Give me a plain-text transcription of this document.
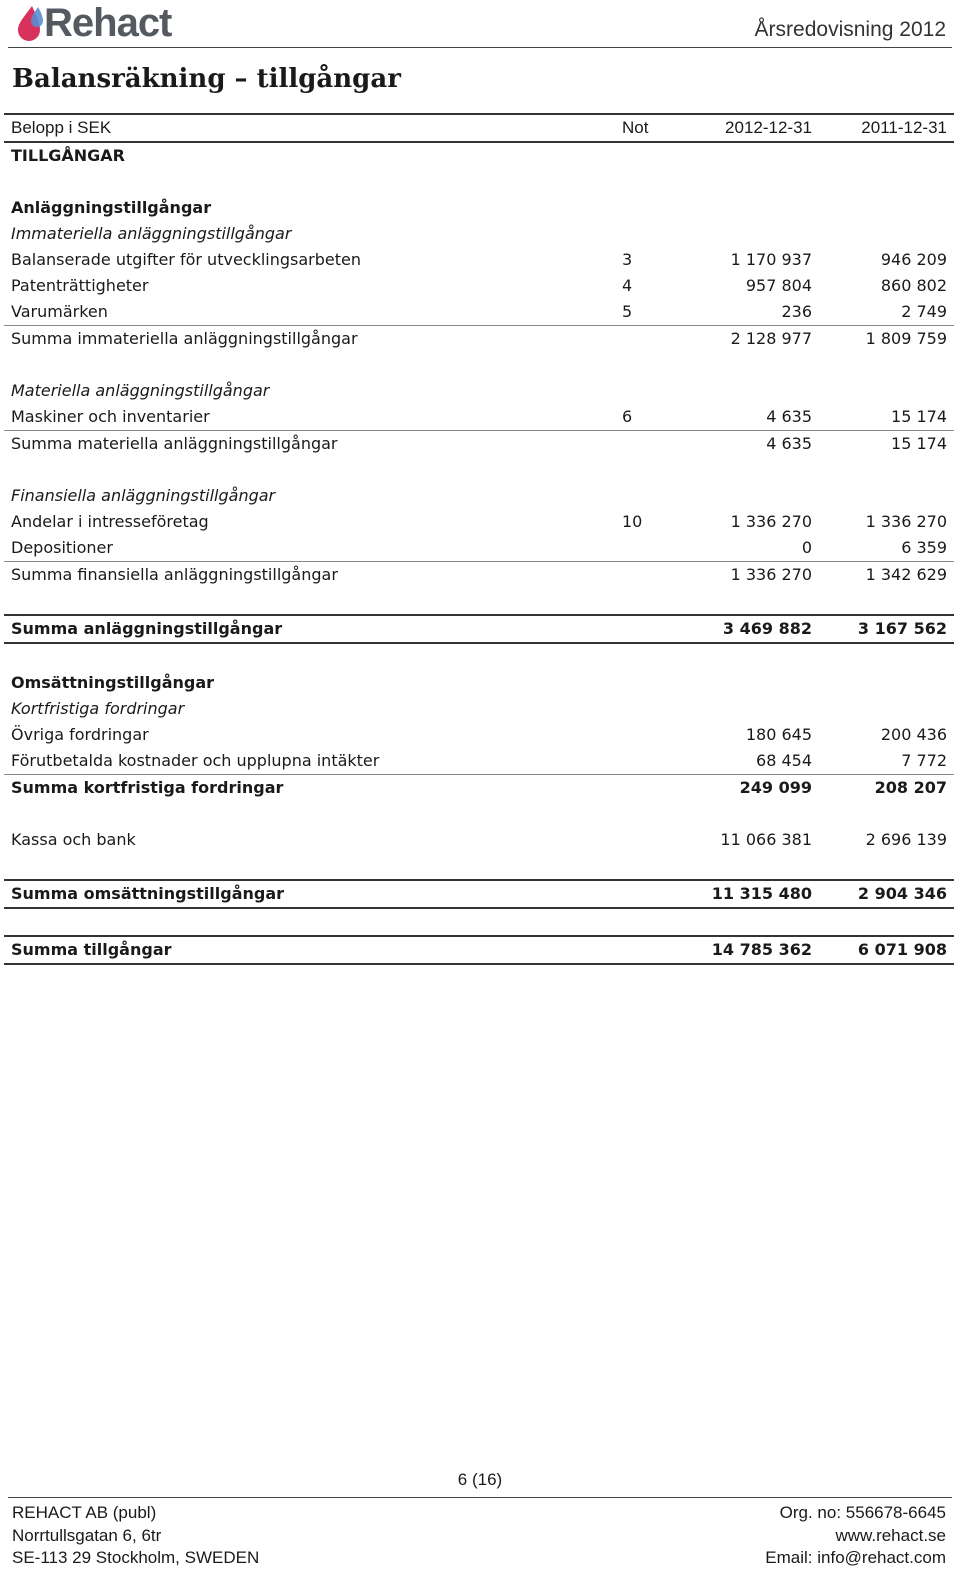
Rehact	Årsredovisning 2012
Balansräkning – tillgångar
Belopp i SEK	Not	2012-12-31	2011-12-31
TILLGÅNGAR			

Anläggningstillgångar			
Immateriella anläggningstillgångar			
Balanserade utgifter för utvecklingsarbeten	3	1 170 937	946 209
Patenträttigheter	4	957 804	860 802
Varumärken	5	236	2 749
Summa immateriella anläggningstillgångar		2 128 977	1 809 759

Materiella anläggningstillgångar			
Maskiner och inventarier	6	4 635	15 174
Summa materiella anläggningstillgångar		4 635	15 174

Finansiella anläggningstillgångar			
Andelar i intresseföretag	10	1 336 270	1 336 270
Depositioner		0	6 359
Summa finansiella anläggningstillgångar		1 336 270	1 342 629

Summa anläggningstillgångar		3 469 882	3 167 562

Omsättningstillgångar			
Kortfristiga fordringar			
Övriga fordringar		180 645	200 436
Förutbetalda kostnader och upplupna intäkter		68 454	7 772
Summa kortfristiga fordringar		249 099	208 207

Kassa och bank		11 066 381	2 696 139

Summa omsättningstillgångar		11 315 480	2 904 346

Summa tillgångar		14 785 362	6 071 908
6 (16)
REHACT AB (publ)
Norrtullsgatan 6, 6tr
SE-113 29 Stockholm, SWEDEN
Org. no: 556678-6645
www.rehact.se
Email: info@rehact.com
